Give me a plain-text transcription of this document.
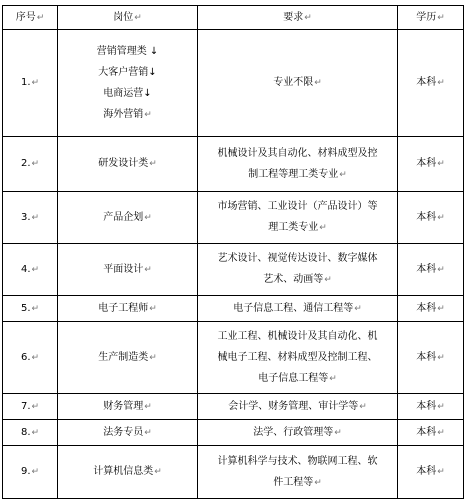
序号↵	岗位↵	要求↵	学历↵
1.↵	营销管理类 ↓
大客户营销↓
电商运营↓
海外营销↵	专业不限↵	本科↵
2.↵	研发设计类↵	机械设计及其自动化、材料成型及控
制工程等理工类专业↵	本科↵
3.↵	产品企划↵	市场营销、工业设计（产品设计）等
理工类专业↵	本科↵
4.↵	平面设计↵	艺术设计、视觉传达设计、数字媒体
艺术、动画等↵	本科↵
5.↵	电子工程师↵	电子信息工程、通信工程等↵	本科↵
6.↵	生产制造类↵	工业工程、机械设计及其自动化、机
械电子工程、材料成型及控制工程、
电子信息工程等↵	本科↵
7.↵	财务管理↵	会计学、财务管理、审计学等↵	本科↵
8.↵	法务专员↵	法学、行政管理等↵	本科↵
9.↵	计算机信息类↵	计算机科学与技术、物联网工程、软
件工程等↵	本科↵
